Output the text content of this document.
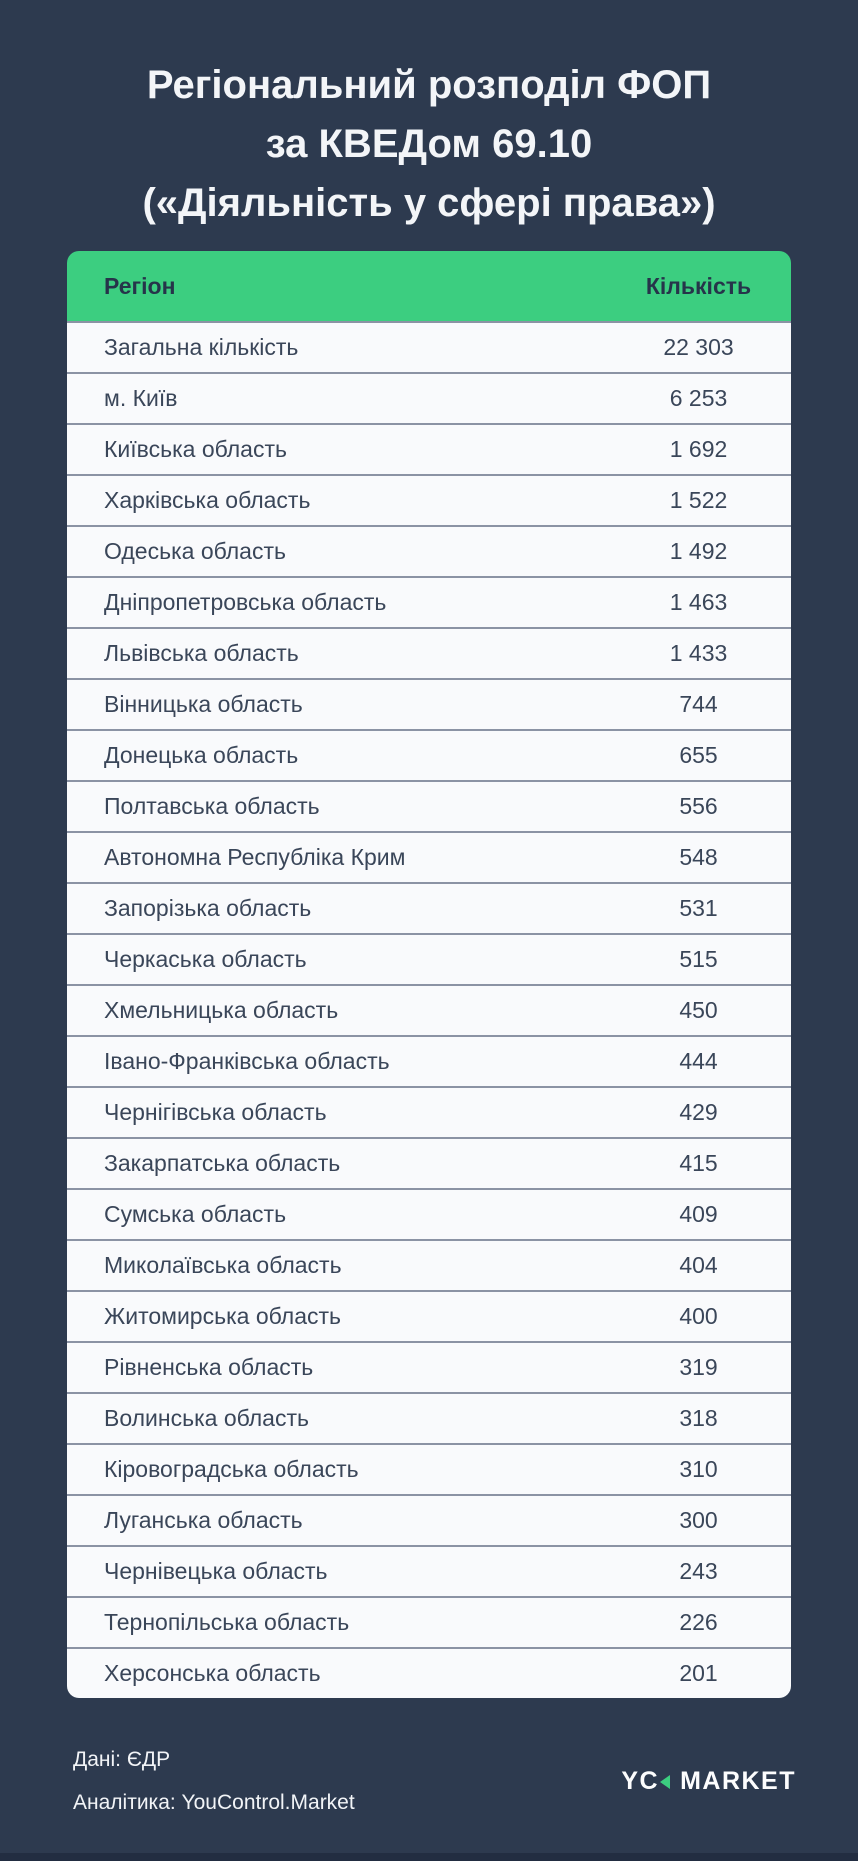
Регіональний розподіл ФОП
за КВЕДом 69.10
(«Діяльність у сфері права»)
Регіон	Кількість
Загальна кількість	22 303
м. Київ	6 253
Київська область	1 692
Харківська область	1 522
Одеська область	1 492
Дніпропетровська область	1 463
Львівська область	1 433
Вінницька область	744
Донецька область	655
Полтавська область	556
Автономна Республіка Крим	548
Запорізька область	531
Черкаська область	515
Хмельницька область	450
Івано-Франківська область	444
Чернігівська область	429
Закарпатська область	415
Сумська область	409
Миколаївська область	404
Житомирська область	400
Рівненська область	319
Волинська область	318
Кіровоградська область	310
Луганська область	300
Чернівецька область	243
Тернопільська область	226
Херсонська область	201
Дані: ЄДР
Аналітика: YouControl.Market
YC MARKET
